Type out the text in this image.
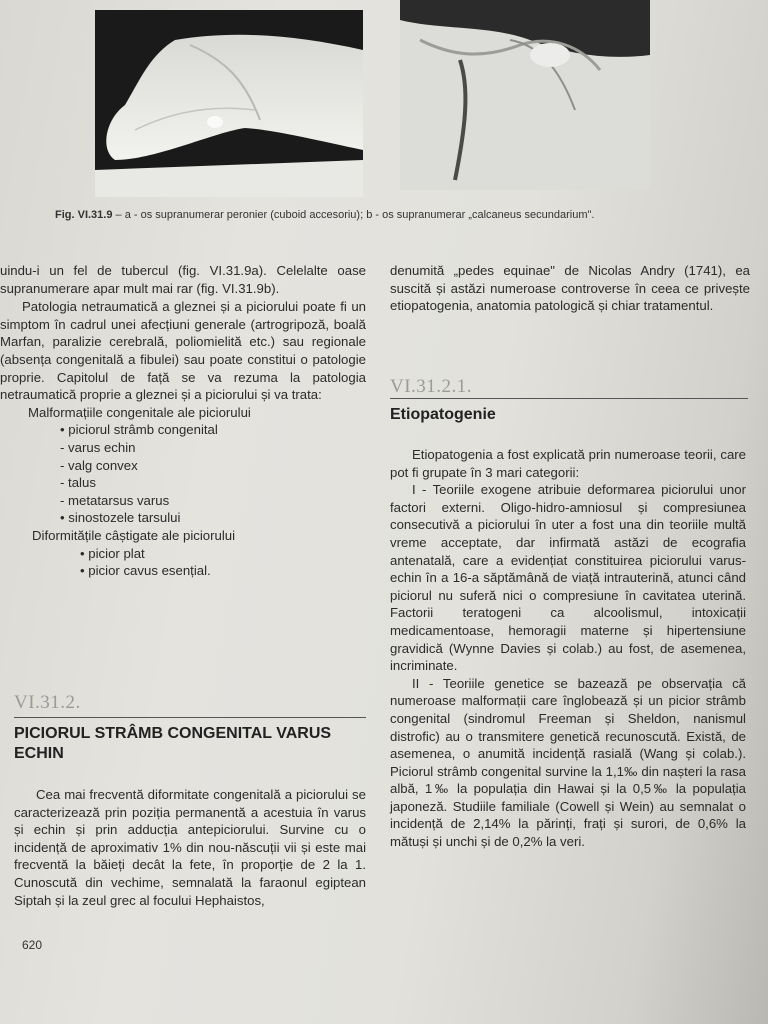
Fig. VI.31.9 – a - os supranumerar peronier (cuboid accesoriu); b - os supranumerar „calcaneus secundarium".

uindu-i un fel de tubercul (fig. VI.31.9a). Celelalte oase supranumerare apar mult mai rar (fig. VI.31.9b).

Patologia netraumatică a gleznei și a piciorului poate fi un simptom în cadrul unei afecțiuni generale (artrogripoză, boală Marfan, paralizie cerebrală, poliomielită etc.) sau regionale (absența congenitală a fibulei) sau poate constitui o patologie proprie. Capitolul de față se va rezuma la patologia netraumatică proprie a gleznei și a piciorului și va trata:

Malformațiile congenitale ale piciorului
• piciorul strâmb congenital
- varus echin
- valg convex
- talus
- metatarsus varus
• sinostozele tarsului
Diformitățile câștigate ale piciorului
• picior plat
• picior cavus esențial.
VI.31.2.
PICIORUL STRÂMB CONGENITAL VARUS ECHIN

Cea mai frecventă diformitate congenitală a piciorului se caracterizează prin poziția permanentă a acestuia în varus și echin și prin adducția antepiciorului. Survine cu o incidență de aproximativ 1% din nou-născuții vii și este mai frecventă la băieți decât la fete, în proporție de 2 la 1. Cunoscută din vechime, semnalată la faraonul egiptean Siptah și la zeul grec al focului Hephaistos,

denumită „pedes equinae" de Nicolas Andry (1741), ea suscită și astăzi numeroase controverse în ceea ce privește etiopatogenia, anatomia patologică și chiar tratamentul.

VI.31.2.1.
Etiopatogenie

Etiopatogenia a fost explicată prin numeroase teorii, care pot fi grupate în 3 mari categorii:

I - Teoriile exogene atribuie deformarea piciorului unor factori externi. Oligo-hidro-amniosul și compresiunea consecutivă a piciorului în uter a fost una din teoriile multă vreme acceptate, dar infirmată astăzi de ecografia antenatală, care a evidențiat constituirea piciorului varus-echin în a 16-a săptămână de viață intrauterină, atunci când piciorul nu suferă nici o compresiune în cavitatea uterină. Factorii teratogeni ca alcoolismul, intoxicații medicamentoase, hemoragii materne și hipertensiune gravidică (Wynne Davies și colab.) au fost, de asemenea, incriminate.

II - Teoriile genetice se bazează pe observația că numeroase malformații care înglobează și un picior strâmb congenital (sindromul Freeman și Sheldon, nanismul distrofic) au o transmitere genetică recunoscută. Există, de asemenea, o anumită incidență rasială (Wang și colab.). Piciorul strâmb congenital survine la 1,1‰ din nașteri la rasa albă, 1‰ la populația din Hawai și la 0,5‰ la populația japoneză. Studiile familiale (Cowell și Wein) au semnalat o incidență de 2,14% la părinți, frați și surori, de 0,6% la mătuși și unchi și de 0,2% la veri.

620
